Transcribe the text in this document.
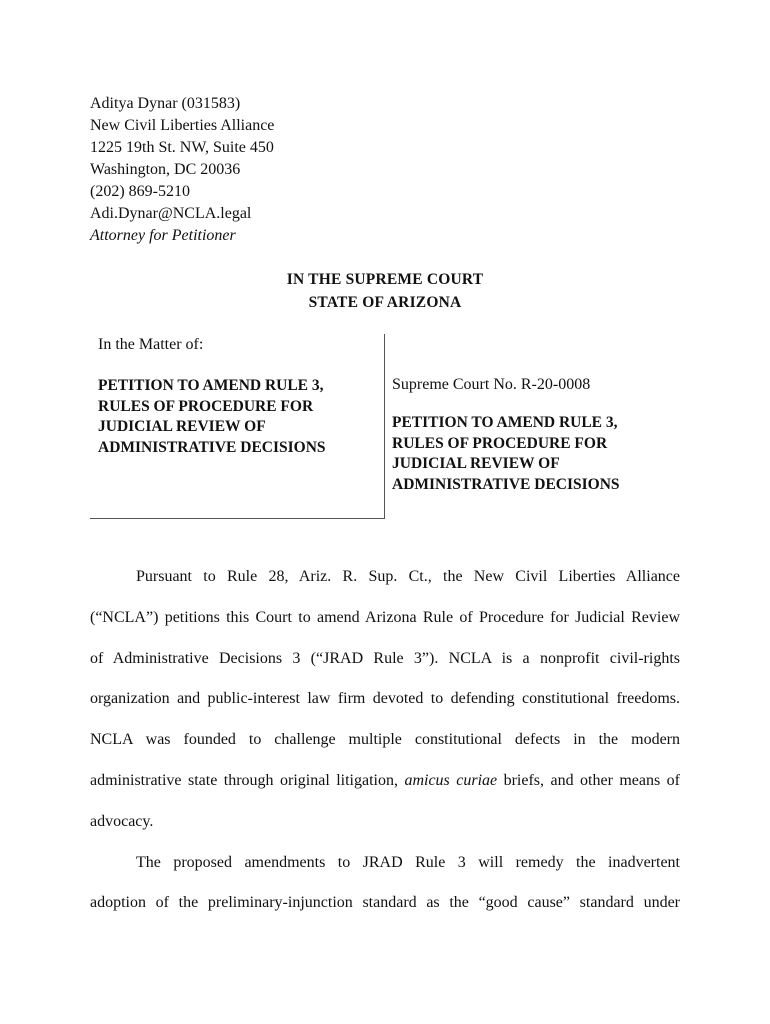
Aditya Dynar (031583)
New Civil Liberties Alliance
1225 19th St. NW, Suite 450
Washington, DC 20036
(202) 869-5210
Adi.Dynar@NCLA.legal
Attorney for Petitioner
IN THE SUPREME COURT
STATE OF ARIZONA
In the Matter of:
PETITION TO AMEND RULE 3,
RULES OF PROCEDURE FOR
JUDICIAL REVIEW OF
ADMINISTRATIVE DECISIONS
Supreme Court No. R-20-0008
PETITION TO AMEND RULE 3,
RULES OF PROCEDURE FOR
JUDICIAL REVIEW OF
ADMINISTRATIVE DECISIONS
Pursuant to Rule 28, Ariz. R. Sup. Ct., the New Civil Liberties Alliance
(“NCLA”) petitions this Court to amend Arizona Rule of Procedure for Judicial Review
of Administrative Decisions 3 (“JRAD Rule 3”). NCLA is a nonprofit civil-rights
organization and public-interest law firm devoted to defending constitutional freedoms.
NCLA was founded to challenge multiple constitutional defects in the modern
administrative state through original litigation, amicus curiae briefs, and other means of
advocacy.
The proposed amendments to JRAD Rule 3 will remedy the inadvertent
adoption of the preliminary-injunction standard as the “good cause” standard under
